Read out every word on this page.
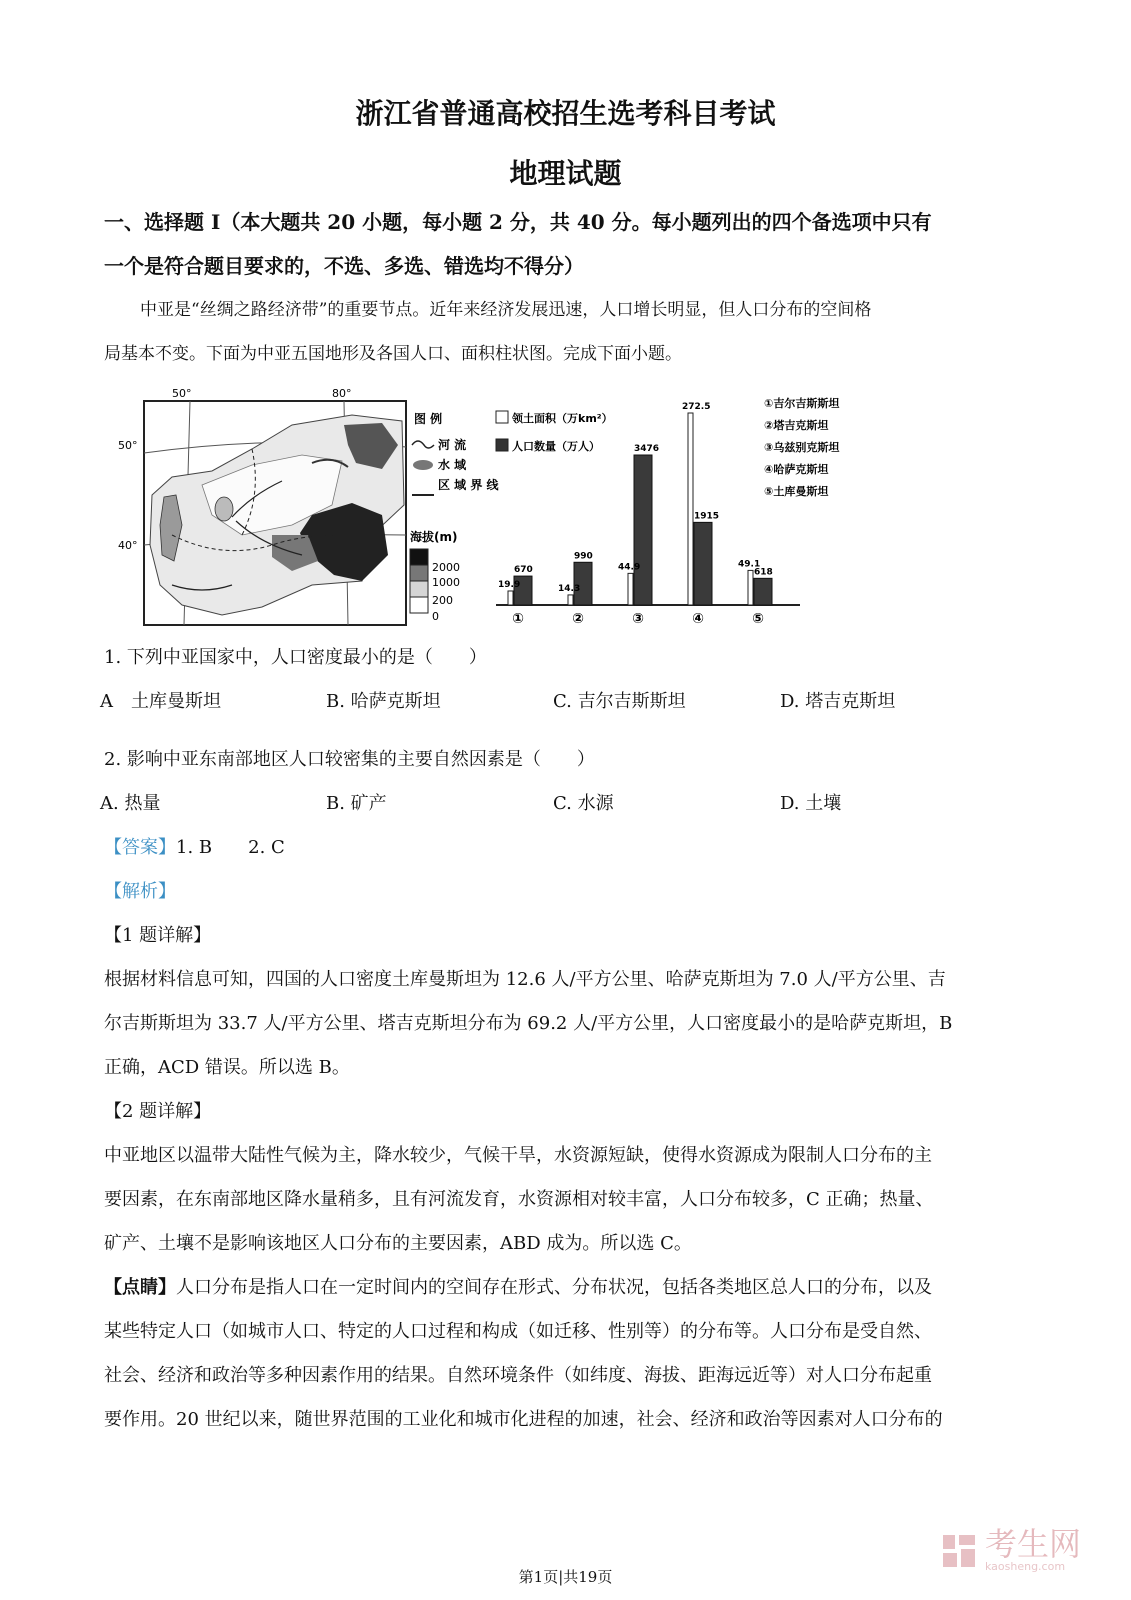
浙江省普通高校招生选考科目考试
地理试题
一、选择题 I（本大题共 20 小题，每小题 2 分，共 40 分。每小题列出的四个备选项中只有
一个是符合题目要求的，不选、多选、错选均不得分）
中亚是“丝绸之路经济带”的重要节点。近年来经济发展迅速，人口增长明显，但人口分布的空间格
局基本不变。下面为中亚五国地形及各国人口、面积柱状图。完成下面小题。
50°	80°
50°
40°
图 例
河 流
水 域
区 域 界 线
海拔(m)
2000
1000
200
0
领土面积（万km²）
人口数量（万人）
①吉尔吉斯斯坦
②塔吉克斯坦
③乌兹别克斯坦
④哈萨克斯坦
⑤土库曼斯坦
19.9
670
①
14.3
990
②
44.9
3476
③
272.5
1915
④
49.1
618
⑤
1. 下列中亚国家中，人口密度最小的是（　　）
A　土库曼斯坦	B. 哈萨克斯坦	C. 吉尔吉斯斯坦	D. 塔吉克斯坦
2. 影响中亚东南部地区人口较密集的主要自然因素是（　　）
A. 热量	B. 矿产	C. 水源	D. 土壤
【答案】1. B　　2. C
【解析】
【1 题详解】
根据材料信息可知，四国的人口密度土库曼斯坦为 12.6 人/平方公里、哈萨克斯坦为 7.0 人/平方公里、吉
尔吉斯斯坦为 33.7 人/平方公里、塔吉克斯坦分布为 69.2 人/平方公里，人口密度最小的是哈萨克斯坦，B
正确，ACD 错误。所以选 B。
【2 题详解】
中亚地区以温带大陆性气候为主，降水较少，气候干旱，水资源短缺，使得水资源成为限制人口分布的主
要因素，在东南部地区降水量稍多，且有河流发育，水资源相对较丰富，人口分布较多，C 正确；热量、
矿产、土壤不是影响该地区人口分布的主要因素，ABD 成为。所以选 C。
【点睛】人口分布是指人口在一定时间内的空间存在形式、分布状况，包括各类地区总人口的分布，以及
某些特定人口（如城市人口、特定的人口过程和构成（如迁移、性别等）的分布等。人口分布是受自然、
社会、经济和政治等多种因素作用的结果。自然环境条件（如纬度、海拔、距海远近等）对人口分布起重
要作用。20 世纪以来，随世界范围的工业化和城市化进程的加速，社会、经济和政治等因素对人口分布的
考生网
kaosheng.com
第1页|共19页
